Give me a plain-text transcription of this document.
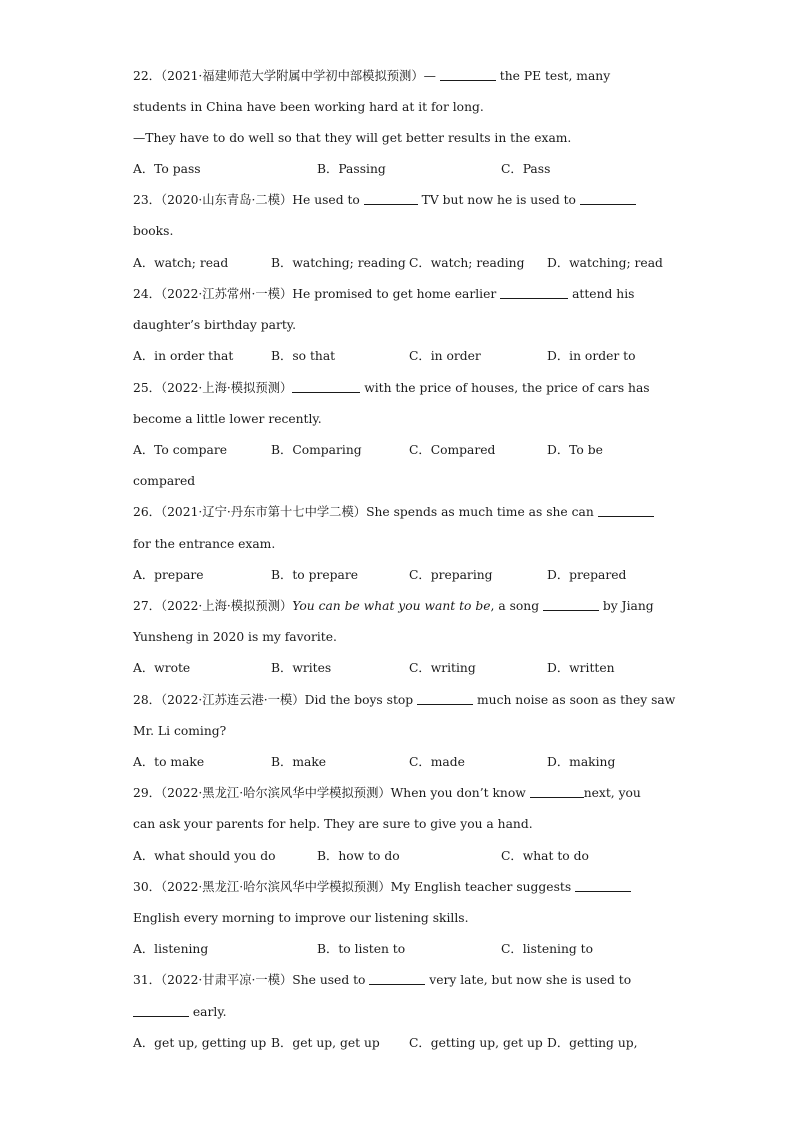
22．（2021·福建师范大学附属中学初中部模拟预测）—	the PE test, many
students in China have been working hard at it for long.
—They have to do well so that they will get better results in the exam.
A．To pass	B．Passing	C．Pass
23．（2020·山东青岛·二模）He used to	TV but now he is used to
books.
A．watch; read	B．watching; reading C．watch; reading D．watching; read
24．（2022·江苏常州·一模）He promised to get home earlier	attend his
daughter’s birthday party.
A．in order that	B．so that	C．in order	D．in order to
25．（2022·上海·模拟预测）	with the price of houses, the price of cars has
become a little lower recently.
A．To compare	B．Comparing	C．Compared	D．To be
compared
26．（2021·辽宁·丹东市第十七中学二模）She spends as much time as she can
for the entrance exam.
A．prepare	B．to prepare	C．preparing	D．prepared
27．（2022·上海·模拟预测）You can be what you want to be, a song	by Jiang
Yunsheng in 2020 is my favorite.
A．wrote	B．writes	C．writing	D．written
28．（2022·江苏连云港·一模）Did the boys stop	much noise as soon as they saw
Mr. Li coming?
A．to make	B．make	C．made	D．making
29．（2022·黑龙江·哈尔滨风华中学模拟预测）When you don’t know	next, you
can ask your parents for help. They are sure to give you a hand.
A．what should you do	B．how to do	C．what to do
30．（2022·黑龙江·哈尔滨风华中学模拟预测）My English teacher suggests
English every morning to improve our listening skills.
A．listening	B．to listen to	C．listening to
31．（2022·甘肃平凉·一模）She used to	very late, but now she is used to
early.
A．get up, getting up B．get up, get up C．getting up, get up D．getting up,
